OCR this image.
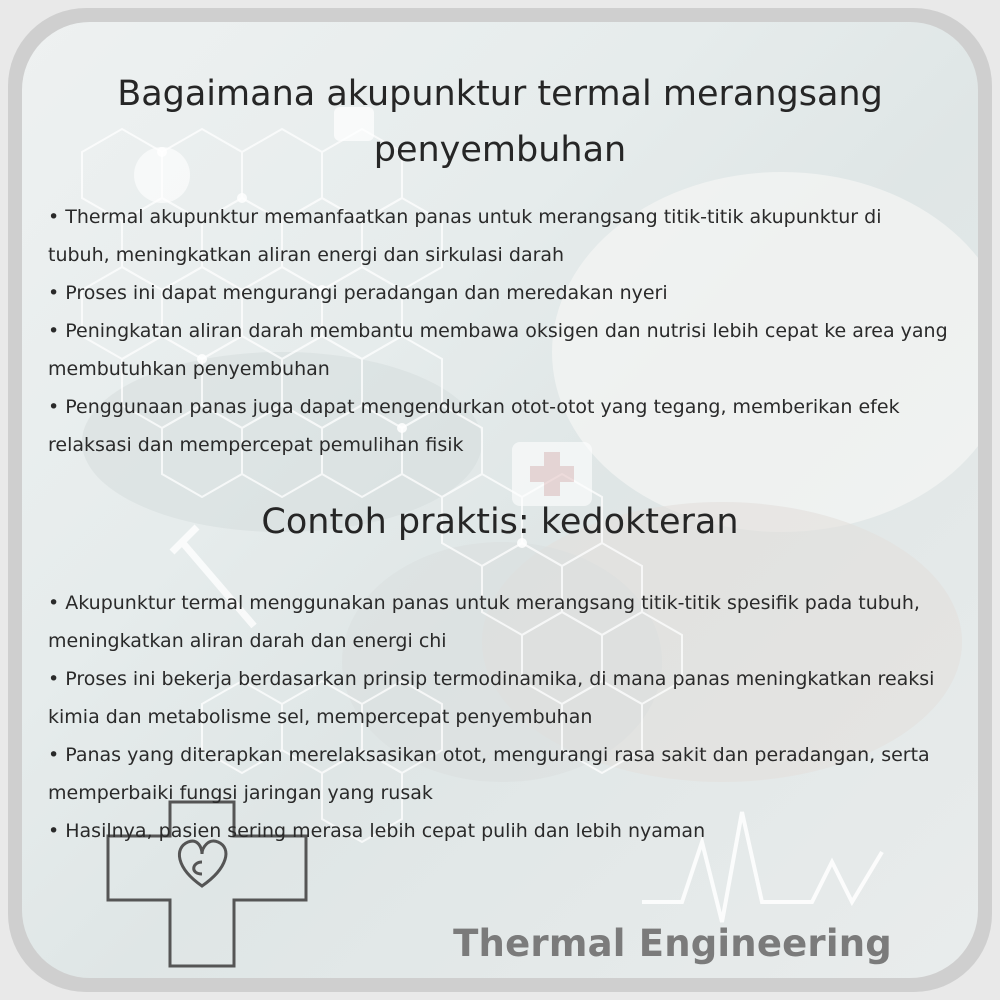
Bagaimana akupunktur termal merangsang penyembuhan
• Thermal akupunktur memanfaatkan panas untuk merangsang titik-titik akupunktur di tubuh, meningkatkan aliran energi dan sirkulasi darah
• Proses ini dapat mengurangi peradangan dan meredakan nyeri
• Peningkatan aliran darah membantu membawa oksigen dan nutrisi lebih cepat ke area yang membutuhkan penyembuhan
• Penggunaan panas juga dapat mengendurkan otot-otot yang tegang, memberikan efek relaksasi dan mempercepat pemulihan fisik
Contoh praktis: kedokteran
• Akupunktur termal menggunakan panas untuk merangsang titik-titik spesifik pada tubuh, meningkatkan aliran darah dan energi chi
• Proses ini bekerja berdasarkan prinsip termodinamika, di mana panas meningkatkan reaksi kimia dan metabolisme sel, mempercepat penyembuhan
• Panas yang diterapkan merelaksasikan otot, mengurangi rasa sakit dan peradangan, serta memperbaiki fungsi jaringan yang rusak
• Hasilnya, pasien sering merasa lebih cepat pulih dan lebih nyaman
Thermal Engineering
